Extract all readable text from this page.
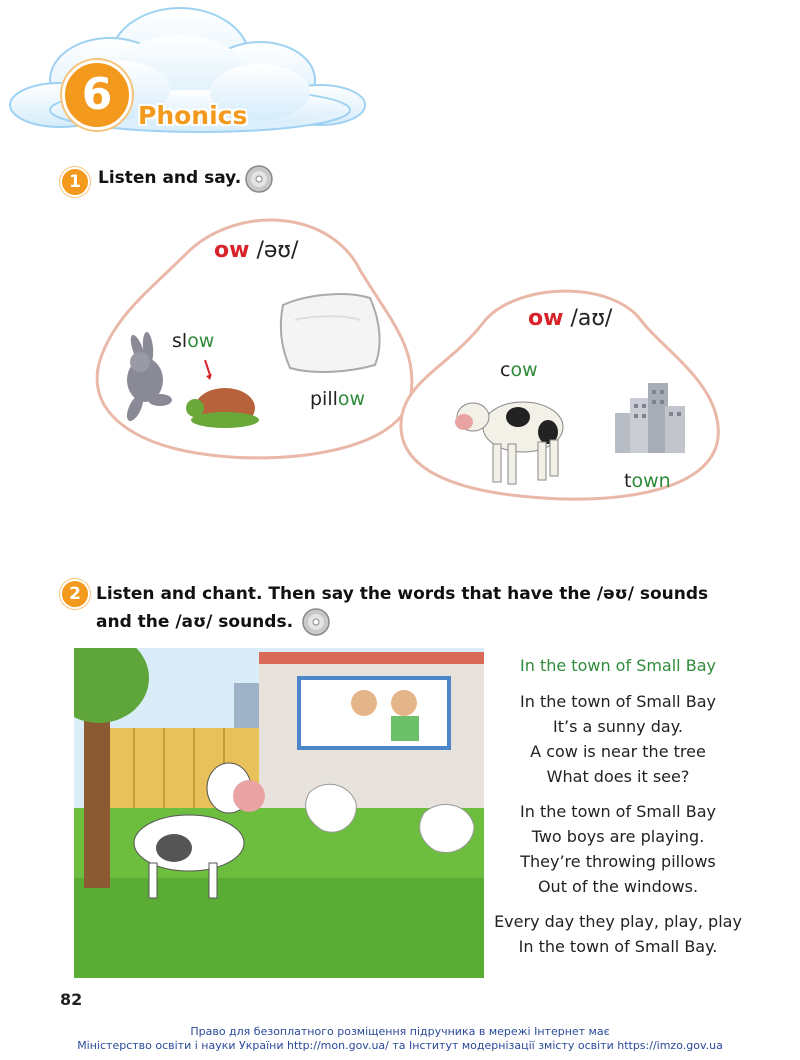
6	Phonics
1	Listen and say.
ow /əʊ/
slow
pillow
ow /aʊ/
cow
town
2 Listen and chant. Then say the words that have the /əʊ/ sounds
and the /aʊ/ sounds.
In the town of Small Bay
In the town of Small Bay
It’s a sunny day.
A cow is near the tree
What does it see?
In the town of Small Bay
Two boys are playing.
They’re throwing pillows
Out of the windows.
Every day they play, play, play
In the town of Small Bay.
82
Право для безоплатного розміщення підручника в мережі Інтернет має
Міністерство освіти і науки України http://mon.gov.ua/ та Інститут модернізації змісту освіти https://imzo.gov.ua
